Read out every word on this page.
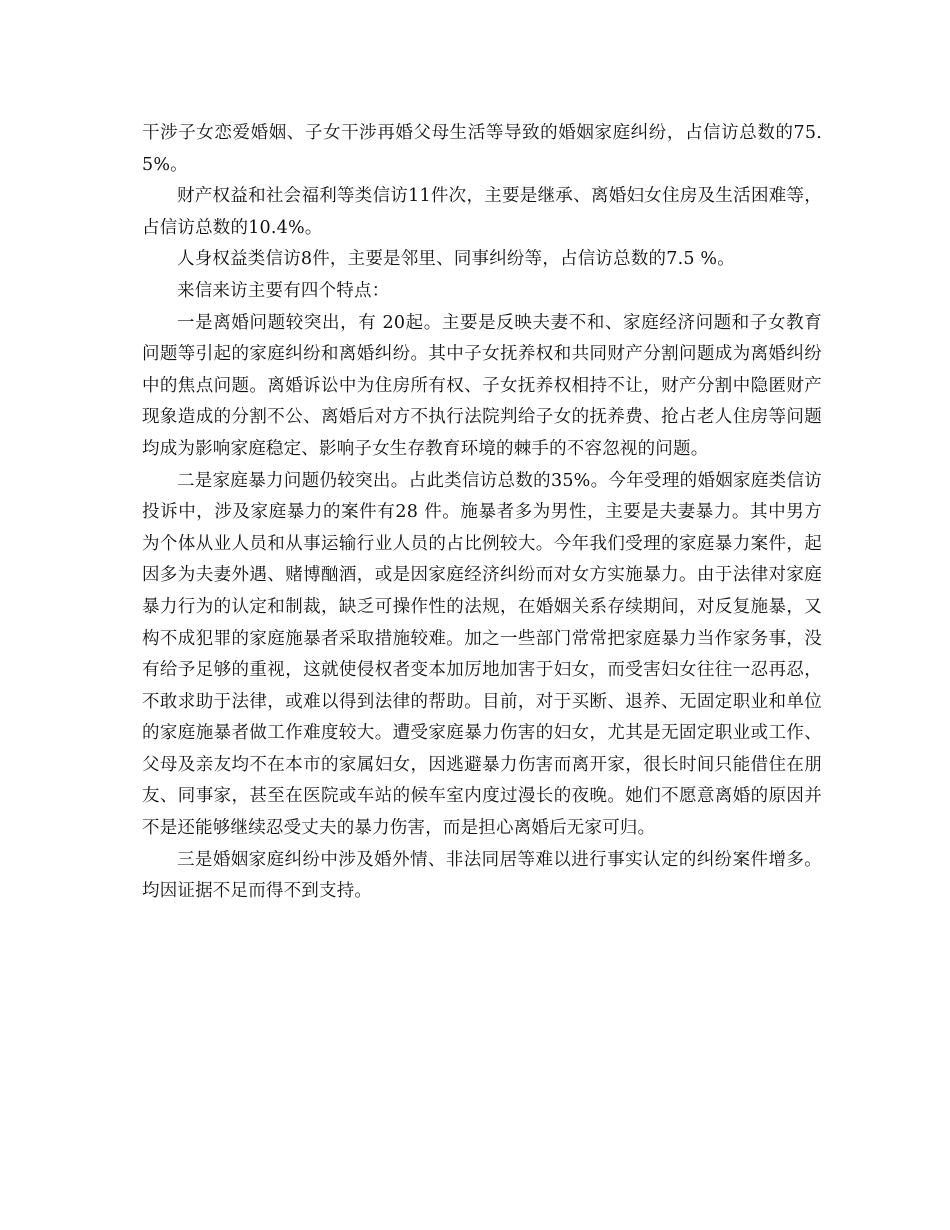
干涉子女恋爱婚姻、子女干涉再婚父母生活等导致的婚姻家庭纠纷，占信访总数的75.5%。

财产权益和社会福利等类信访11件次，主要是继承、离婚妇女住房及生活困难等，占信访总数的10.4%。

人身权益类信访8件，主要是邻里、同事纠纷等，占信访总数的7.5 %。

来信来访主要有四个特点：

一是离婚问题较突出，有 20起。主要是反映夫妻不和、家庭经济问题和子女教育问题等引起的家庭纠纷和离婚纠纷。其中子女抚养权和共同财产分割问题成为离婚纠纷中的焦点问题。离婚诉讼中为住房所有权、子女抚养权相持不让，财产分割中隐匿财产现象造成的分割不公、离婚后对方不执行法院判给子女的抚养费、抢占老人住房等问题均成为影响家庭稳定、影响子女生存教育环境的棘手的不容忽视的问题。

二是家庭暴力问题仍较突出。占此类信访总数的35%。今年受理的婚姻家庭类信访投诉中，涉及家庭暴力的案件有28 件。施暴者多为男性，主要是夫妻暴力。其中男方为个体从业人员和从事运输行业人员的占比例较大。今年我们受理的家庭暴力案件，起因多为夫妻外遇、赌博酗酒，或是因家庭经济纠纷而对女方实施暴力。由于法律对家庭暴力行为的认定和制裁，缺乏可操作性的法规，在婚姻关系存续期间，对反复施暴，又构不成犯罪的家庭施暴者采取措施较难。加之一些部门常常把家庭暴力当作家务事，没有给予足够的重视，这就使侵权者变本加厉地加害于妇女，而受害妇女往往一忍再忍，不敢求助于法律，或难以得到法律的帮助。目前，对于买断、退养、无固定职业和单位的家庭施暴者做工作难度较大。遭受家庭暴力伤害的妇女，尤其是无固定职业或工作、父母及亲友均不在本市的家属妇女，因逃避暴力伤害而离开家，很长时间只能借住在朋友、同事家，甚至在医院或车站的候车室内度过漫长的夜晚。她们不愿意离婚的原因并不是还能够继续忍受丈夫的暴力伤害，而是担心离婚后无家可归。

三是婚姻家庭纠纷中涉及婚外情、非法同居等难以进行事实认定的纠纷案件增多。均因证据不足而得不到支持。
